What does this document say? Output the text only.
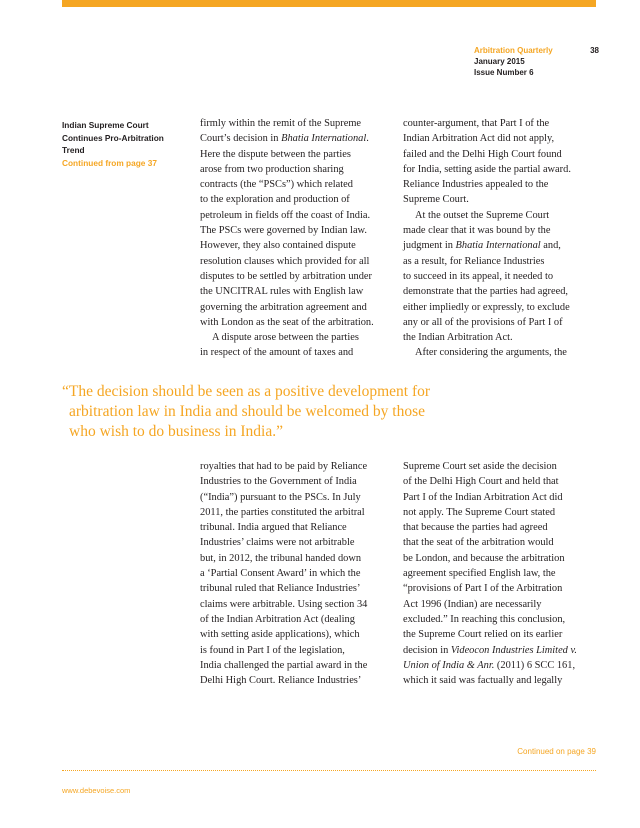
Arbitration Quarterly
January 2015
Issue Number 6
38
Indian Supreme Court
Continues Pro-Arbitration
Trend
Continued from page 37
firmly within the remit of the Supreme
Court’s decision in Bhatia International.
Here the dispute between the parties
arose from two production sharing
contracts (the “PSCs”) which related
to the exploration and production of
petroleum in fields off the coast of India.
The PSCs were governed by Indian law.
However, they also contained dispute
resolution clauses which provided for all
disputes to be settled by arbitration under
the UNCITRAL rules with English law
governing the arbitration agreement and
with London as the seat of the arbitration.
A dispute arose between the parties
in respect of the amount of taxes and
counter-argument, that Part I of the
Indian Arbitration Act did not apply,
failed and the Delhi High Court found
for India, setting aside the partial award.
Reliance Industries appealed to the
Supreme Court.
At the outset the Supreme Court
made clear that it was bound by the
judgment in Bhatia International and,
as a result, for Reliance Industries
to succeed in its appeal, it needed to
demonstrate that the parties had agreed,
either impliedly or expressly, to exclude
any or all of the provisions of Part I of
the Indian Arbitration Act.
After considering the arguments, the
“The decision should be seen as a positive development for
arbitration law in India and should be welcomed by those
who wish to do business in India.”
royalties that had to be paid by Reliance
Industries to the Government of India
(“India”) pursuant to the PSCs. In July
2011, the parties constituted the arbitral
tribunal. India argued that Reliance
Industries’ claims were not arbitrable
but, in 2012, the tribunal handed down
a ‘Partial Consent Award’ in which the
tribunal ruled that Reliance Industries’
claims were arbitrable. Using section 34
of the Indian Arbitration Act (dealing
with setting aside applications), which
is found in Part I of the legislation,
India challenged the partial award in the
Delhi High Court. Reliance Industries’
Supreme Court set aside the decision
of the Delhi High Court and held that
Part I of the Indian Arbitration Act did
not apply. The Supreme Court stated
that because the parties had agreed
that the seat of the arbitration would
be London, and because the arbitration
agreement specified English law, the
“provisions of Part I of the Arbitration
Act 1996 (Indian) are necessarily
excluded.” In reaching this conclusion,
the Supreme Court relied on its earlier
decision in Videocon Industries Limited v.
Union of India & Anr. (2011) 6 SCC 161,
which it said was factually and legally
Continued on page 39
www.debevoise.com
